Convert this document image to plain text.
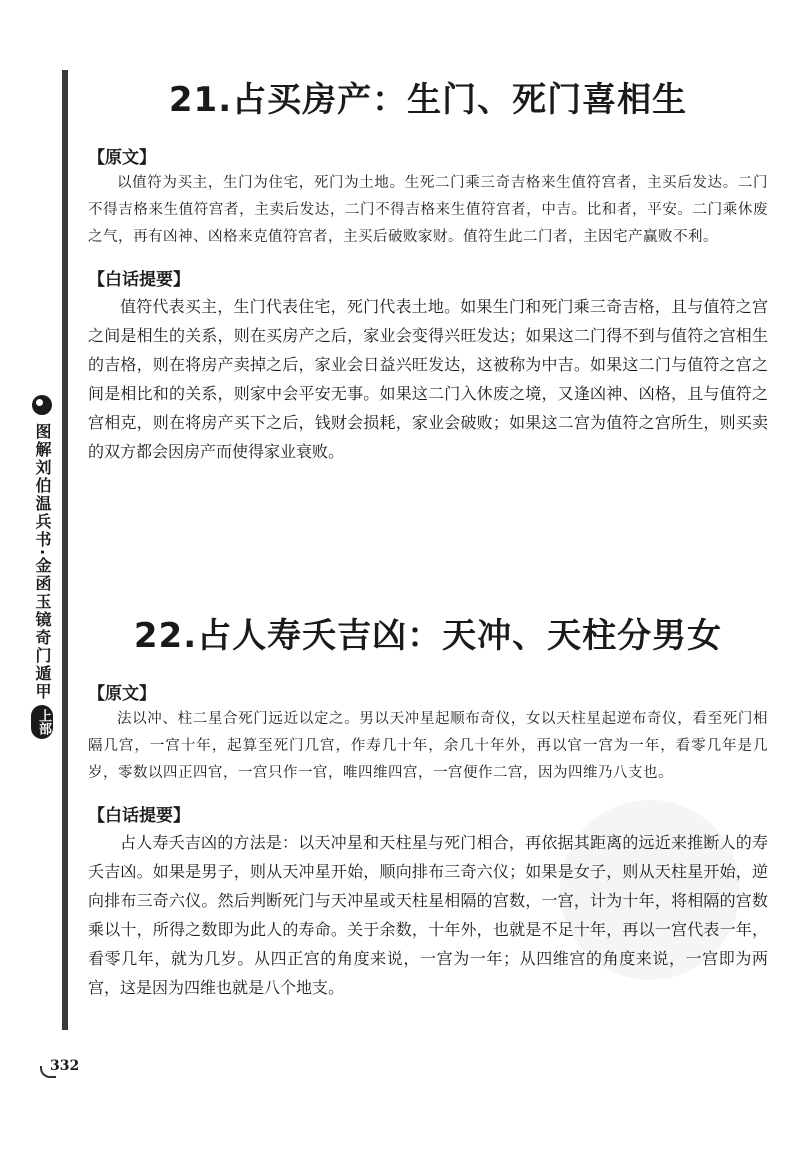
图解刘伯温兵书·金函玉镜奇门遁甲
上部
21.占买房产：生门、死门喜相生

【原文】

以值符为买主，生门为住宅，死门为土地。生死二门乘三奇吉格来生值符宫者，主买后发达。二门不得吉格来生值符宫者，主卖后发达，二门不得吉格来生值符宫者，中吉。比和者，平安。二门乘休废之气，再有凶神、凶格来克值符宫者，主买后破败家财。值符生此二门者，主因宅产赢败不利。

【白话提要】

值符代表买主，生门代表住宅，死门代表土地。如果生门和死门乘三奇吉格，且与值符之宫之间是相生的关系，则在买房产之后，家业会变得兴旺发达；如果这二门得不到与值符之宫相生的吉格，则在将房产卖掉之后，家业会日益兴旺发达，这被称为中吉。如果这二门与值符之宫之间是相比和的关系，则家中会平安无事。如果这二门入休废之境，又逢凶神、凶格，且与值符之宫相克，则在将房产买下之后，钱财会损耗，家业会破败；如果这二宫为值符之宫所生，则买卖的双方都会因房产而使得家业衰败。

22.占人寿夭吉凶：天冲、天柱分男女

【原文】

法以冲、柱二星合死门远近以定之。男以天冲星起顺布奇仪，女以天柱星起逆布奇仪，看至死门相隔几宫，一宫十年，起算至死门几宫，作寿几十年，余几十年外，再以官一宫为一年，看零几年是几岁，零数以四正四官，一宫只作一官，唯四维四宫，一宫便作二宫，因为四维乃八支也。

【白话提要】

占人寿夭吉凶的方法是：以天冲星和天柱星与死门相合，再依据其距离的远近来推断人的寿夭吉凶。如果是男子，则从天冲星开始，顺向排布三奇六仪；如果是女子，则从天柱星开始，逆向排布三奇六仪。然后判断死门与天冲星或天柱星相隔的宫数，一宫，计为十年，将相隔的宫数乘以十，所得之数即为此人的寿命。关于余数，十年外，也就是不足十年，再以一宫代表一年，看零几年，就为几岁。从四正宫的角度来说，一宫为一年；从四维宫的角度来说，一宫即为两宫，这是因为四维也就是八个地支。

332
